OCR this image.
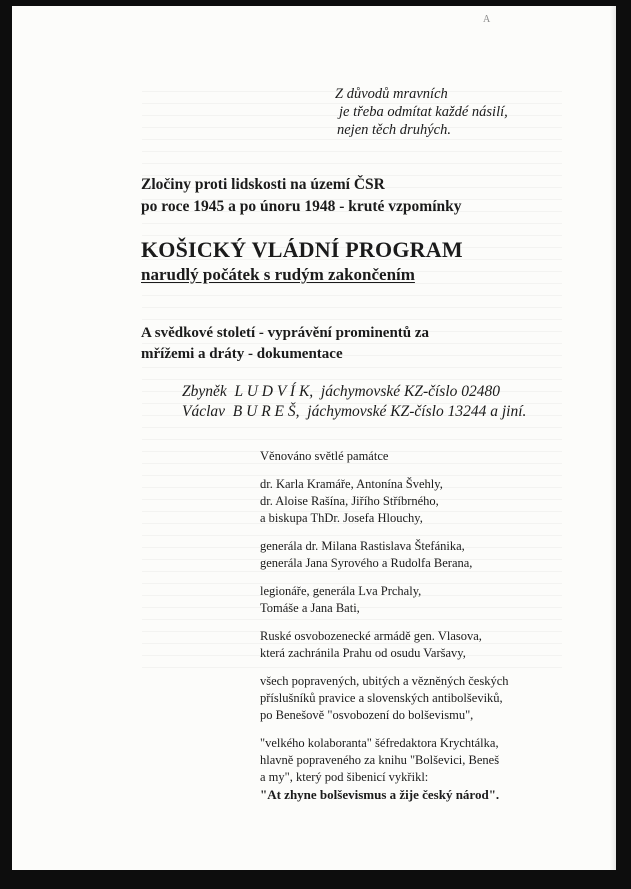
A
Z důvodů mravních
je třeba odmítat každé násilí,
nejen těch druhých.
Zločiny proti lidskosti na území ČSR
po roce 1945 a po únoru 1948 - kruté vzpomínky
KOŠICKÝ VLÁDNÍ PROGRAM
narudlý počátek s rudým zakončením
A svědkové století - vyprávění prominentů za
mřížemi a dráty - dokumentace
Zbyněk  L U D V Í K,  jáchymovské KZ-číslo 02480
Václav  B U R E Š,  jáchymovské KZ-číslo 13244 a jiní.
Věnováno světlé památce
dr. Karla Kramáře, Antonína Švehly,
dr. Aloise Rašína, Jiřího Stříbrného,
a biskupa ThDr. Josefa Hlouchy,
generála dr. Milana Rastislava Štefánika,
generála Jana Syrového a Rudolfa Berana,
legionáře, generála Lva Prchaly,
Tomáše a Jana Bati,
Ruské osvobozenecké armádě gen. Vlasova,
která zachránila Prahu od osudu Varšavy,
všech popravených, ubitých a vězněných českých
příslušníků pravice a slovenských antibolševiků,
po Benešově "osvobození do bolševismu",
"velkého kolaboranta" šéfredaktora Krychtálka,
hlavně popraveného za knihu "Bolševici, Beneš
a my", který pod šibenicí vykřikl:
"At zhyne bolševismus a žije český národ".
